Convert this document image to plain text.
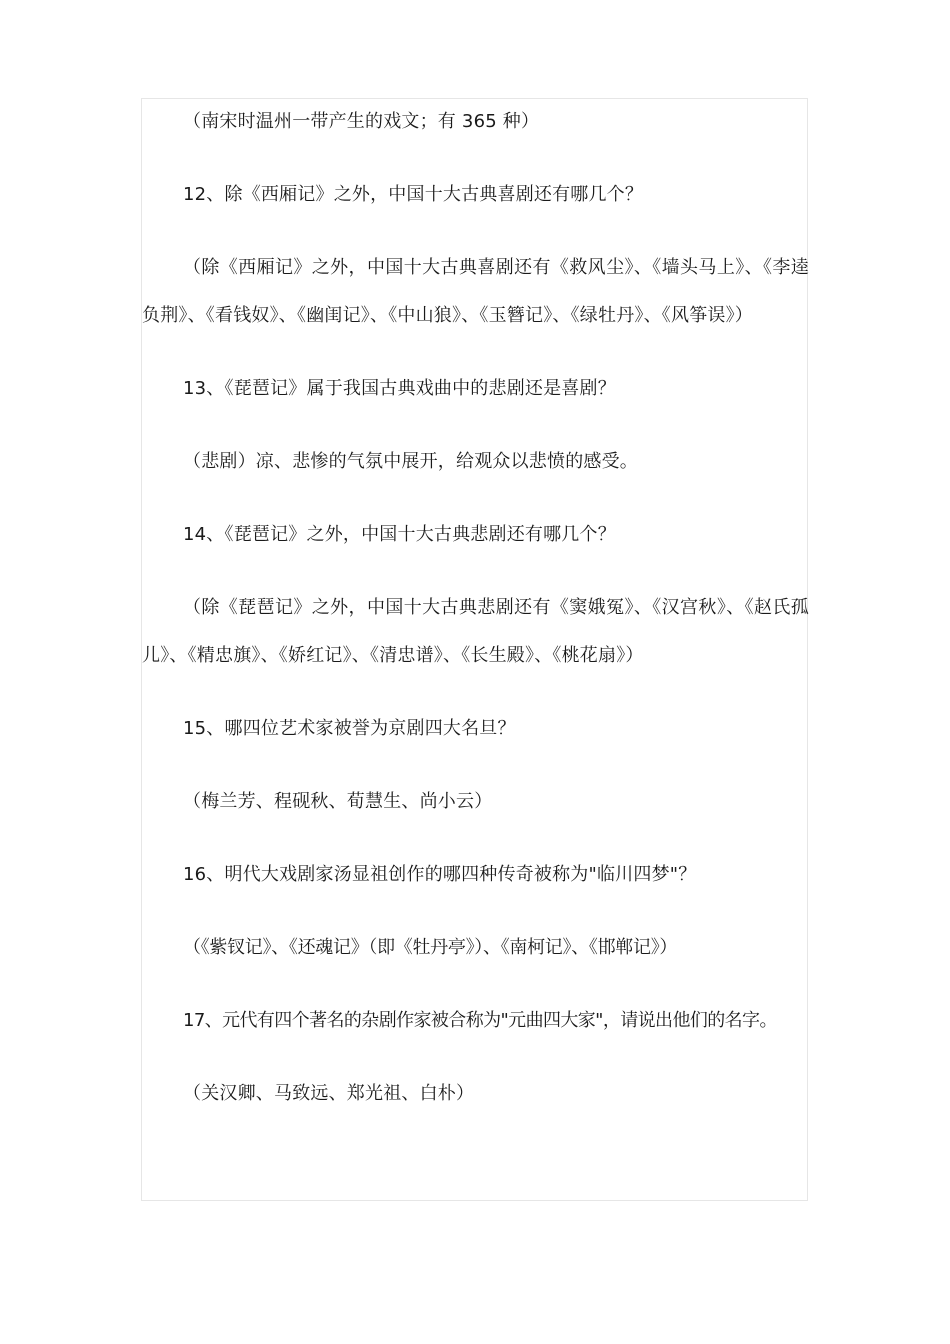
（南宋时温州一带产生的戏文；有 365 种）

12、除《西厢记》之外，中国十大古典喜剧还有哪几个？

（除《西厢记》之外，中国十大古典喜剧还有《救风尘》、《墙头马上》、《李逵负荆》、《看钱奴》、《幽闺记》、《中山狼》、《玉簪记》、《绿牡丹》、《风筝误》）

13、《琵琶记》属于我国古典戏曲中的悲剧还是喜剧？

（悲剧）凉、悲惨的气氛中展开，给观众以悲愤的感受。

14、《琵琶记》之外，中国十大古典悲剧还有哪几个？

（除《琵琶记》之外，中国十大古典悲剧还有《窦娥冤》、《汉宫秋》、《赵氏孤儿》、《精忠旗》、《娇红记》、《清忠谱》、《长生殿》、《桃花扇》）

15、哪四位艺术家被誉为京剧四大名旦？

（梅兰芳、程砚秋、荀慧生、尚小云）

16、明代大戏剧家汤显祖创作的哪四种传奇被称为"临川四梦"？

（《紫钗记》、《还魂记》（即《牡丹亭》）、《南柯记》、《邯郸记》）

17、元代有四个著名的杂剧作家被合称为"元曲四大家"，请说出他们的名字。

（关汉卿、马致远、郑光祖、白朴）
